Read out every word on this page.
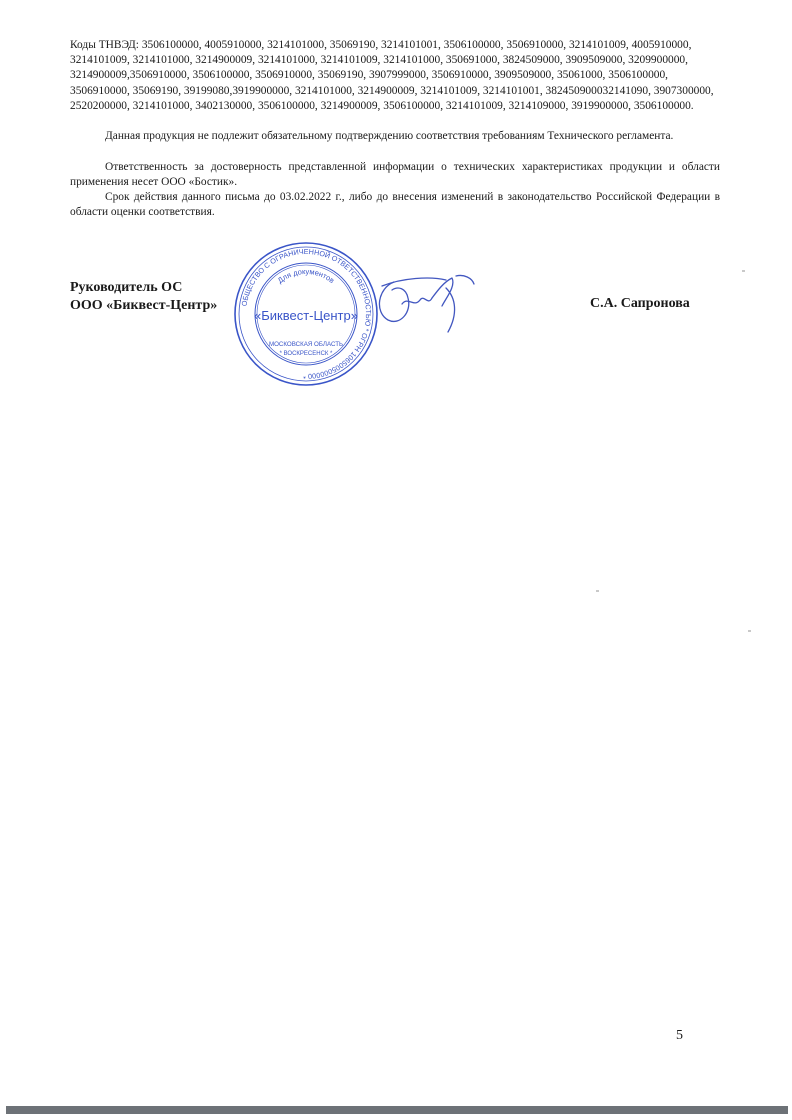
Коды ТНВЭД: 3506100000, 4005910000, 3214101000, 35069190, 3214101001, 3506100000, 3506910000, 3214101009, 4005910000, 3214101009, 3214101000, 3214900009, 3214101000, 3214101009, 3214101000, 350691000, 3824509000, 3909509000, 3209900000, 3214900009,3506910000, 3506100000, 3506910000, 35069190, 3907999000, 3506910000, 3909509000, 35061000, 3506100000, 3506910000, 35069190, 39199080,3919900000, 3214101000, 3214900009, 3214101009, 3214101001, 382450900032141090, 3907300000, 2520200000, 3214101000, 3402130000, 3506100000, 3214900009, 3506100000, 3214101009, 3214109000, 3919900000, 3506100000.

Данная продукция не подлежит обязательному подтверждению соответствия требованиям Технического регламента.

Ответственность за достоверность представленной информации о технических характеристиках продукции и области применения несет ООО «Бостик».

Срок действия данного письма до 03.02.2022 г., либо до внесения изменений в законодательство Российской Федерации в области оценки соответствия.

Руководитель ОС
ООО «Биквест-Центр»	ОБЩЕСТВО С ОГРАНИЧЕННОЙ ОТВЕТСТВЕННОСТЬЮ * ОГРН 1065005000000 *
Для документов
«Биквест-Центр»
МОСКОВСКАЯ ОБЛАСТЬ
* ВОСКРЕСЕНСК *
С.А. Сапронова
5
